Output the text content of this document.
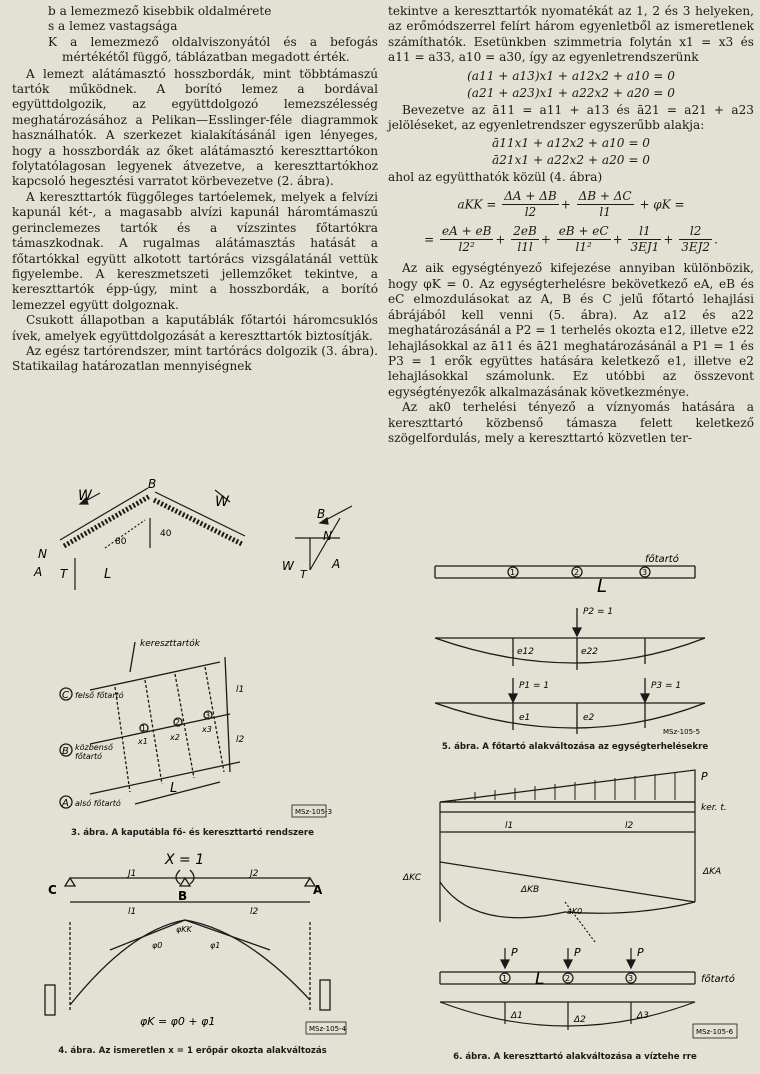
b a lemezmező kisebbik oldalmérete
s a lemez vastagsága
K a lemezmező oldalviszonyától és a befogás mértékétől függő, táblázatban megadott érték.

A lemezt alátámasztó hosszbordák, mint többtámaszú tartók működnek. A borító lemez a bordával együttdolgozik, az együttdolgozó lemezszélesség meghatározásához a Pelikan—Esslinger-féle diagrammok használhatók. A szerkezet kialakításánál igen lényeges, hogy a hosszbordák az őket alátámasztó kereszttartókon folytatólagosan legyenek átvezetve, a kereszttartókhoz kapcsoló hegesztési varratot körbevezetve (2. ábra).

A kereszttartók függőleges tartóelemek, melyek a felvízi kapunál két-, a magasabb alvízi kapunál háromtámaszú gerinclemezes tartók és a vízszintes főtartókra támaszkodnak. A rugalmas alátámasztás hatását a főtartókkal együtt alkotott tartórács vizsgálatánál vettük figyelembe. A kereszmetszeti jellemzőket tekintve, a kereszttartók épp-úgy, mint a hosszbordák, a borító lemezzel együtt dolgoznak.

Csukott állapotban a kaputáblák főtartói háromcsuklós ívek, amelyek együttdolgozását a kereszttartók biztosítják.

Az egész tartórendszer, mint tartórács dolgozik (3. ábra). Statikailag határozatlan mennyiségnek

tekintve a kereszttartók nyomatékát az 1, 2 és 3 helyeken, az erőmódszerrel felírt három egyenletből az ismeretlenek számíthatók. Esetünkben szimmetria folytán x1 = x3 és a11 = a33, a10 = a30, így az egyenletrendszerünk

(a11 + a13)x1 + a12x2 + a10 = 0
(a21 + a23)x1 + a22x2 + a20 = 0

Bevezetve az ā11 = a11 + a13 és ā21 = a21 + a23 jelöléseket, az egyenletrendszer egyszerűbb alakja:

ā11x1 + a12x2 + a10 = 0
ā21x1 + a22x2 + a20 = 0

ahol az együtthatók közül (4. ábra)

aKK = $\frac{\Delta A + \Delta B}{l2} + \frac{\Delta B + \Delta C}{l1} + \varphi K$ =
= $\frac{eA + eB}{\text{l2²}} + \frac{2eB}{l1l} + \frac{eB + eC}{\text{l1²}} + \frac{l1}{3EJ1} + \frac{l2}{3EJ2}$ .

Az aik egységtényező kifejezése annyiban különbözik, hogy φK = 0. Az egységterhelésre bekövetkező eA, eB és eC elmozdulásokat az A, B és C jelű főtartó lehajlási ábrájából kell venni (5. ábra). Az a12 és a22 meghatározásánál a P2 = 1 terhelés okozta e12, illetve e22 lehajlásokkal az ā11 és ā21 meghatározásánál a P1 = 1 és P3 = 1 erők együttes hatására keletkező e1, illetve e2 lehajlásokkal számolunk. Ez utóbbi az összevont egységtényezők alkalmazásának következménye.

Az ak0 terhelési tényező a víznyomás hatására a kereszttartó közbenső támasza felett keletkező szögelfordulás, mely a kereszttartó közvetlen ter-

W	W
B
N
A T	L
80
40
B
N
W
T
A
kereszttartók
C felső főtartó
B közbenső
főtartó
A alsó főtartó
1
2
3
x1	x2
x3
L
l1
l2
MSz-105-3
3. ábra. A kaputábla fő- és kereszttartó rendszere
X = 1
C	B	A
J1	J2
l1	l2
φKK
φ0	φ1
φK = φ0 + φ1
MSz-105-4
4. ábra. Az ismeretlen x = 1 erőpár okozta alakváltozás
főtartó
1	2	3
L
P2 = 1
e12	e22
P1 = 1	P3 = 1
e1	e2
MSz-105-5
5. ábra. A főtartó alakváltozása az egységterhelésekre
P
ker. t.
l1	l2
ΔKC
ΔKB
ΔKA
aK0
P	P	P
1	2	3
L	főtartó
Δ1	Δ2	Δ3
MSz-105-6
6. ábra. A kereszttartó alakváltozása a víztehe rre
